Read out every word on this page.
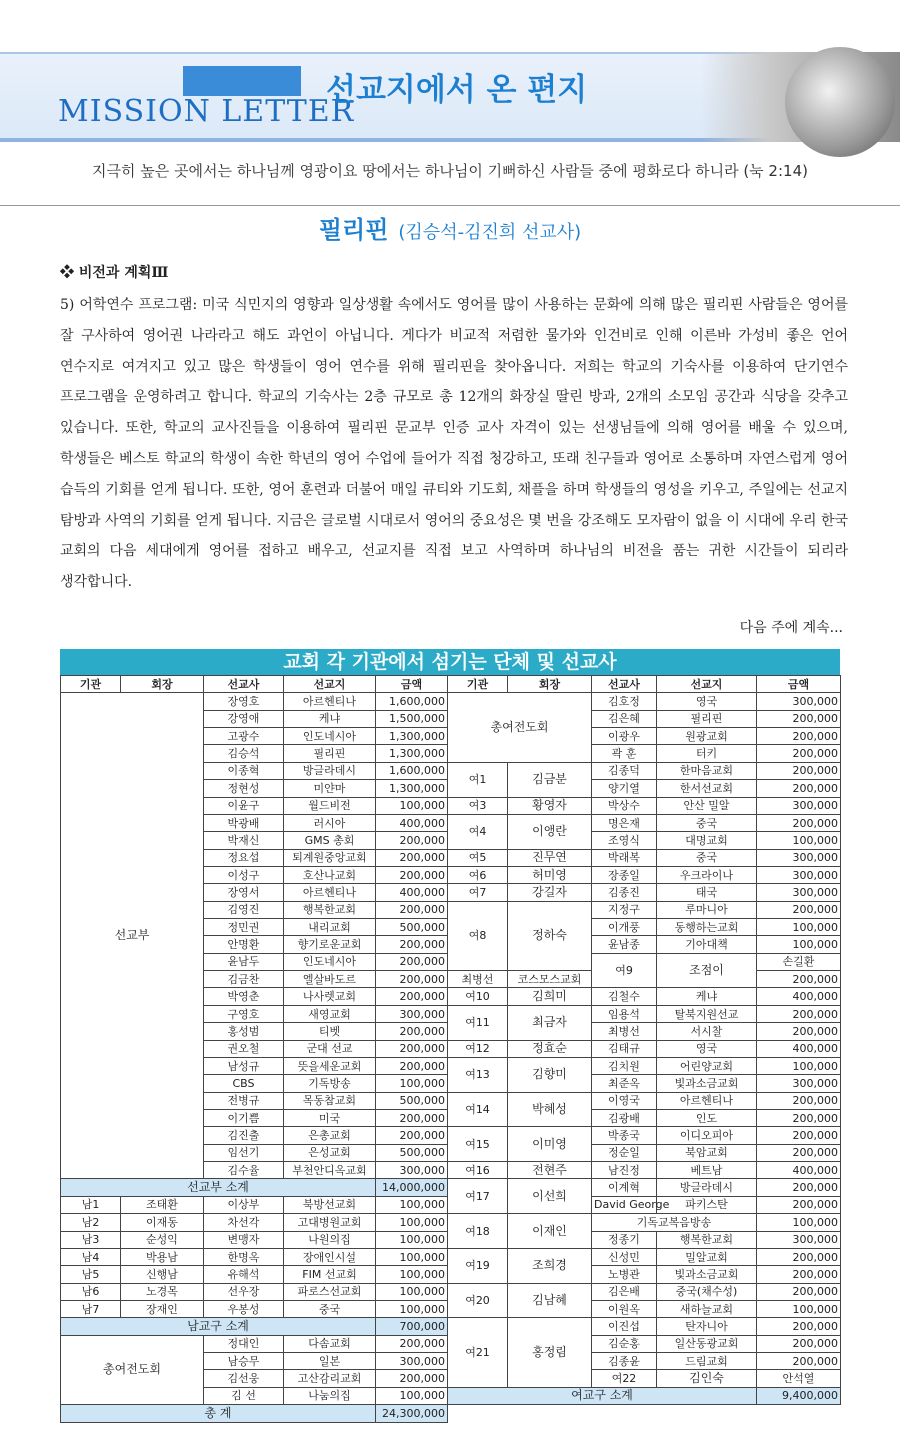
MISSION LETTER
선교지에서 온 편지
지극히 높은 곳에서는 하나님께 영광이요 땅에서는 하나님이 기뻐하신 사람들 중에 평화로다 하니라 (눅 2:14)
필리핀 (김승석-김진희 선교사)
❖ 비전과 계획Ⅲ
5) 어학연수 프로그램: 미국 식민지의 영향과 일상생활 속에서도 영어를 많이 사용하는 문화에 의해 많은 필리핀 사람들은 영어를 잘 구사하여 영어권 나라라고 해도 과언이 아닙니다. 게다가 비교적 저렴한 물가와 인건비로 인해 이른바 가성비 좋은 언어 연수지로 여겨지고 있고 많은 학생들이 영어 연수를 위해 필리핀을 찾아옵니다. 저희는 학교의 기숙사를 이용하여 단기연수 프로그램을 운영하려고 합니다. 학교의 기숙사는 2층 규모로 총 12개의 화장실 딸린 방과, 2개의 소모임 공간과 식당을 갖추고 있습니다. 또한, 학교의 교사진들을 이용하여 필리핀 문교부 인증 교사 자격이 있는 선생님들에 의해 영어를 배울 수 있으며, 학생들은 베스토 학교의 학생이 속한 학년의 영어 수업에 들어가 직접 청강하고, 또래 친구들과 영어로 소통하며 자연스럽게 영어 습득의 기회를 얻게 됩니다. 또한, 영어 훈련과 더불어 매일 큐티와 기도회, 채플을 하며 학생들의 영성을 키우고, 주일에는 선교지 탐방과 사역의 기회를 얻게 됩니다. 지금은 글로벌 시대로서 영어의 중요성은 몇 번을 강조해도 모자람이 없을 이 시대에 우리 한국 교회의 다음 세대에게 영어를 접하고 배우고, 선교지를 직접 보고 사역하며 하나님의 비전을 품는 귀한 시간들이 되리라 생각합니다.
다음 주에 계속...
교회 각 기관에서 섬기는 단체 및 선교사
기관	회장	선교사	선교지	금액	기관	회장	선교사	선교지	금액	
선교부		장영호	아르헨티나	1,600,000	총여전도회		김호정	영국	300,000	
		강영애	케냐	1,500,000			김은혜	필리핀	200,000	
		고광수	인도네시아	1,300,000			이광우	원광교회	200,000	
		김승석	필리핀	1,300,000			곽 훈	터키	200,000	
		이종혁	방글라데시	1,600,000	여1	김금분	김종덕	한마음교회	200,000	
		정현성	미얀마	1,300,000			양기열	한서선교회	200,000	
		이윤구	월드비전	100,000	여3	황영자	박상수	안산 밀알	300,000	
		박광배	러시아	400,000	여4	이앵란	명은재	중국	200,000	
		박재신	GMS 총회	200,000			조영식	대명교회	100,000	
		정요섭	퇴계원중앙교회	200,000	여5	진무연	박래복	중국	300,000	
		이성구	호산나교회	200,000	여6	허미영	장종일	우크라이나	300,000	
		장영서	아르헨티나	400,000	여7	강길자	김종진	태국	300,000	
		김영진	행복한교회	200,000	여8	정하숙	지정구	루마니아	200,000	
		정민권	내리교회	500,000			이개풍	동행하는교회	100,000	
		안명환	향기로운교회	200,000			윤남종	기아대책	100,000	
		윤남두	인도네시아	200,000			여9	조점이	손길환		
		김금찬	엘살바도르	200,000	최병선	코스모스교회			200,000	
		박영춘	나사렛교회	200,000	여10	김희미	김철수	케냐	400,000	
		구영호	새영교회	300,000	여11	최금자	임용석	탈북지원선교	200,000	
		홍성범	티벳	200,000			최병선	서시찰	200,000	
		권오철	군대 선교	200,000	여12	정효순	김태규	영국	400,000	
		남성규	뜻을세운교회	200,000	여13	김향미	김치원	어린양교회	100,000	
		CBS	기독방송	100,000			최준옥	빛과소금교회	300,000	
		전병규	목동참교회	500,000	여14	박혜성	이영국	아르헨티나	200,000	
		이기쁨	미국	200,000			김광배	인도	200,000	
		김진출	은총교회	200,000	여15	이미영	박종국	이디오피아	200,000	
		임선기	은성교회	500,000			정순일	북암교회	200,000	
		김수율	부천안디옥교회	300,000	여16	전현주	남진정	베트남	400,000	
선교부 소계				14,000,000	여17	이선희	이계혁	방글라데시	200,000	
남1	조태환	이상부	북방선교회	100,000			David George	파키스탄	200,000	
남2	이재동	차선각	고대병원교회	100,000	여18	이재인	기독교복음방송		100,000	
남3	순성익	변맹자	나원의집	100,000			정종기	행복한교회	300,000	
남4	박용남	한명옥	장애인시설	100,000	여19	조희경	신성민	밀알교회	200,000	
남5	신행남	유해석	FIM 선교회	100,000			노병관	빛과소금교회	200,000	
남6	노경목	선우장	파로스선교회	100,000	여20	김남혜	김은배	중국(채수성)	200,000	
남7	장재인	우봉성	중국	100,000			이원옥	새하늘교회	100,000	
남교구 소계				700,000	여21	홍정림	이진섭	탄자니아	200,000	
총여전도회		정대인	다솜교회	200,000			김순홍	일산동광교회	200,000	
		남승무	일본	300,000			김종윤	드림교회	200,000	
		김선웅	고산감리교회	200,000			여22	김인숙	안석열		
		김 선	나눔의집	100,000	여교구 소계				9,400,000	
총 계				24,300,000						
